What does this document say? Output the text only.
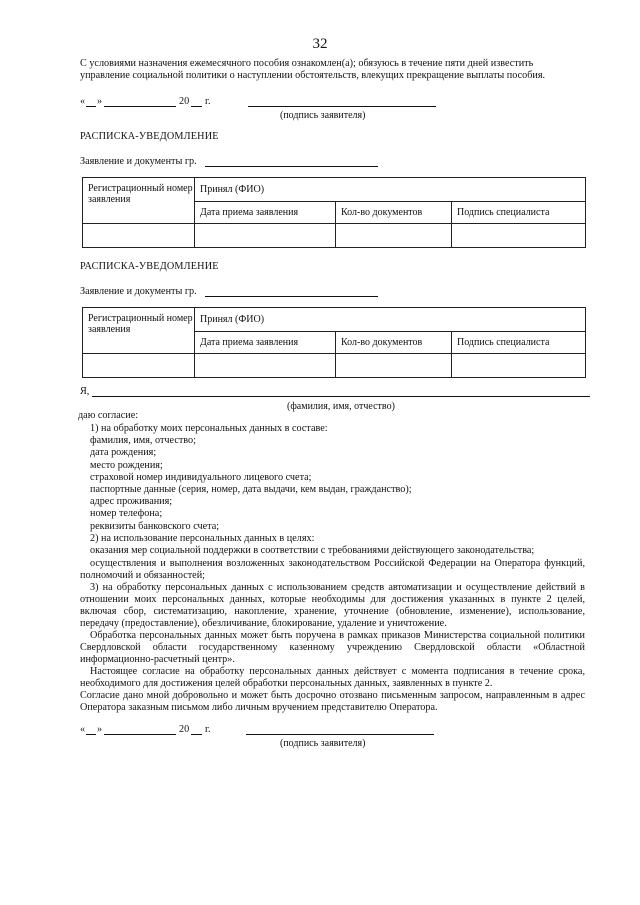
32
С условиями назначения ежемесячного пособия ознакомлен(а); обязуюсь в течение пяти дней известить управление социальной политики о наступлении обстоятельств, влекущих прекращение выплаты пособия.
« »	20 г.
(подпись заявителя)
РАСПИСКА-УВЕДОМЛЕНИЕ
Заявление и документы гр.
Регистрационный номер заявления	Принял (ФИО)		
	Дата приема заявления	Кол-во документов	Подпись специалиста

РАСПИСКА-УВЕДОМЛЕНИЕ
Заявление и документы гр.
Регистрационный номер заявления	Принял (ФИО)		
	Дата приема заявления	Кол-во документов	Подпись специалиста

Я,
(фамилия, имя, отчество)
даю согласие:
1) на обработку моих персональных данных в составе:
фамилия, имя, отчество;
дата рождения;
место рождения;
страховой номер индивидуального лицевого счета;
паспортные данные (серия, номер, дата выдачи, кем выдан, гражданство);
адрес проживания;
номер телефона;
реквизиты банковского счета;
2) на использование персональных данных в целях:
оказания мер социальной поддержки в соответствии с требованиями действующего законодательства;
осуществления и выполнения возложенных законодательством Российской Федерации на Оператора функций, полномочий и обязанностей;
3) на обработку персональных данных с использованием средств автоматизации и осуществление действий в отношении моих персональных данных, которые необходимы для достижения указанных в пункте 2 целей, включая сбор, систематизацию, накопление, хранение, уточнение (обновление, изменение), использование, передачу (предоставление), обезличивание, блокирование, удаление и уничтожение.
Обработка персональных данных может быть поручена в рамках приказов Министерства социальной политики Свердловской области государственному казенному учреждению Свердловской области «Областной информационно-расчетный центр».
Настоящее согласие на обработку персональных данных действует с момента подписания в течение срока, необходимого для достижения целей обработки персональных данных, заявленных в пункте 2.
Согласие дано мной добровольно и может быть досрочно отозвано письменным запросом, направленным в адрес Оператора заказным письмом либо личным вручением представителю Оператора.
« »	20 г.
(подпись заявителя)
